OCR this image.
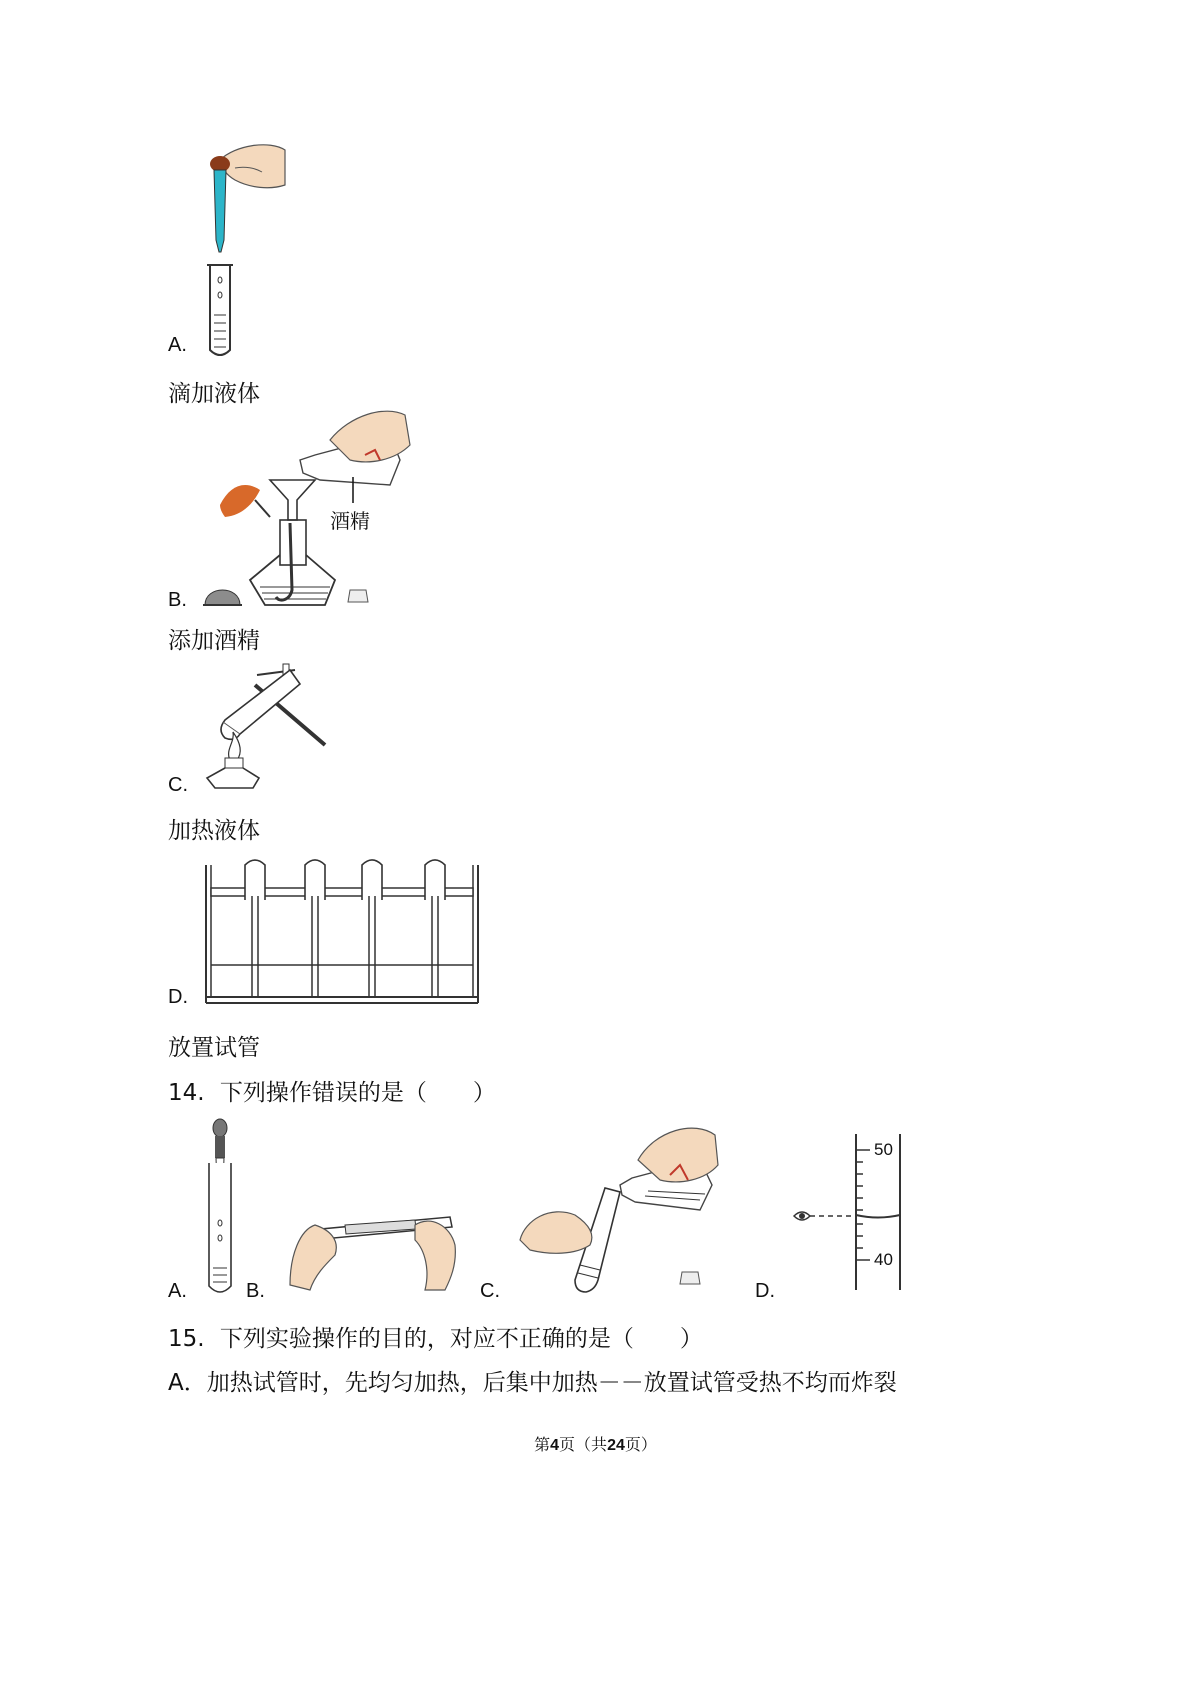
A.
滴加液体
酒精
B.
添加酒精
C.
加热液体
D.
放置试管
14. 下列操作错误的是（　　）
A.	B.	C.
50
40
D.
15. 下列实验操作的目的，对应不正确的是（　　）
A．加热试管时，先均匀加热，后集中加热－－放置试管受热不均而炸裂
第4页（共24页）
